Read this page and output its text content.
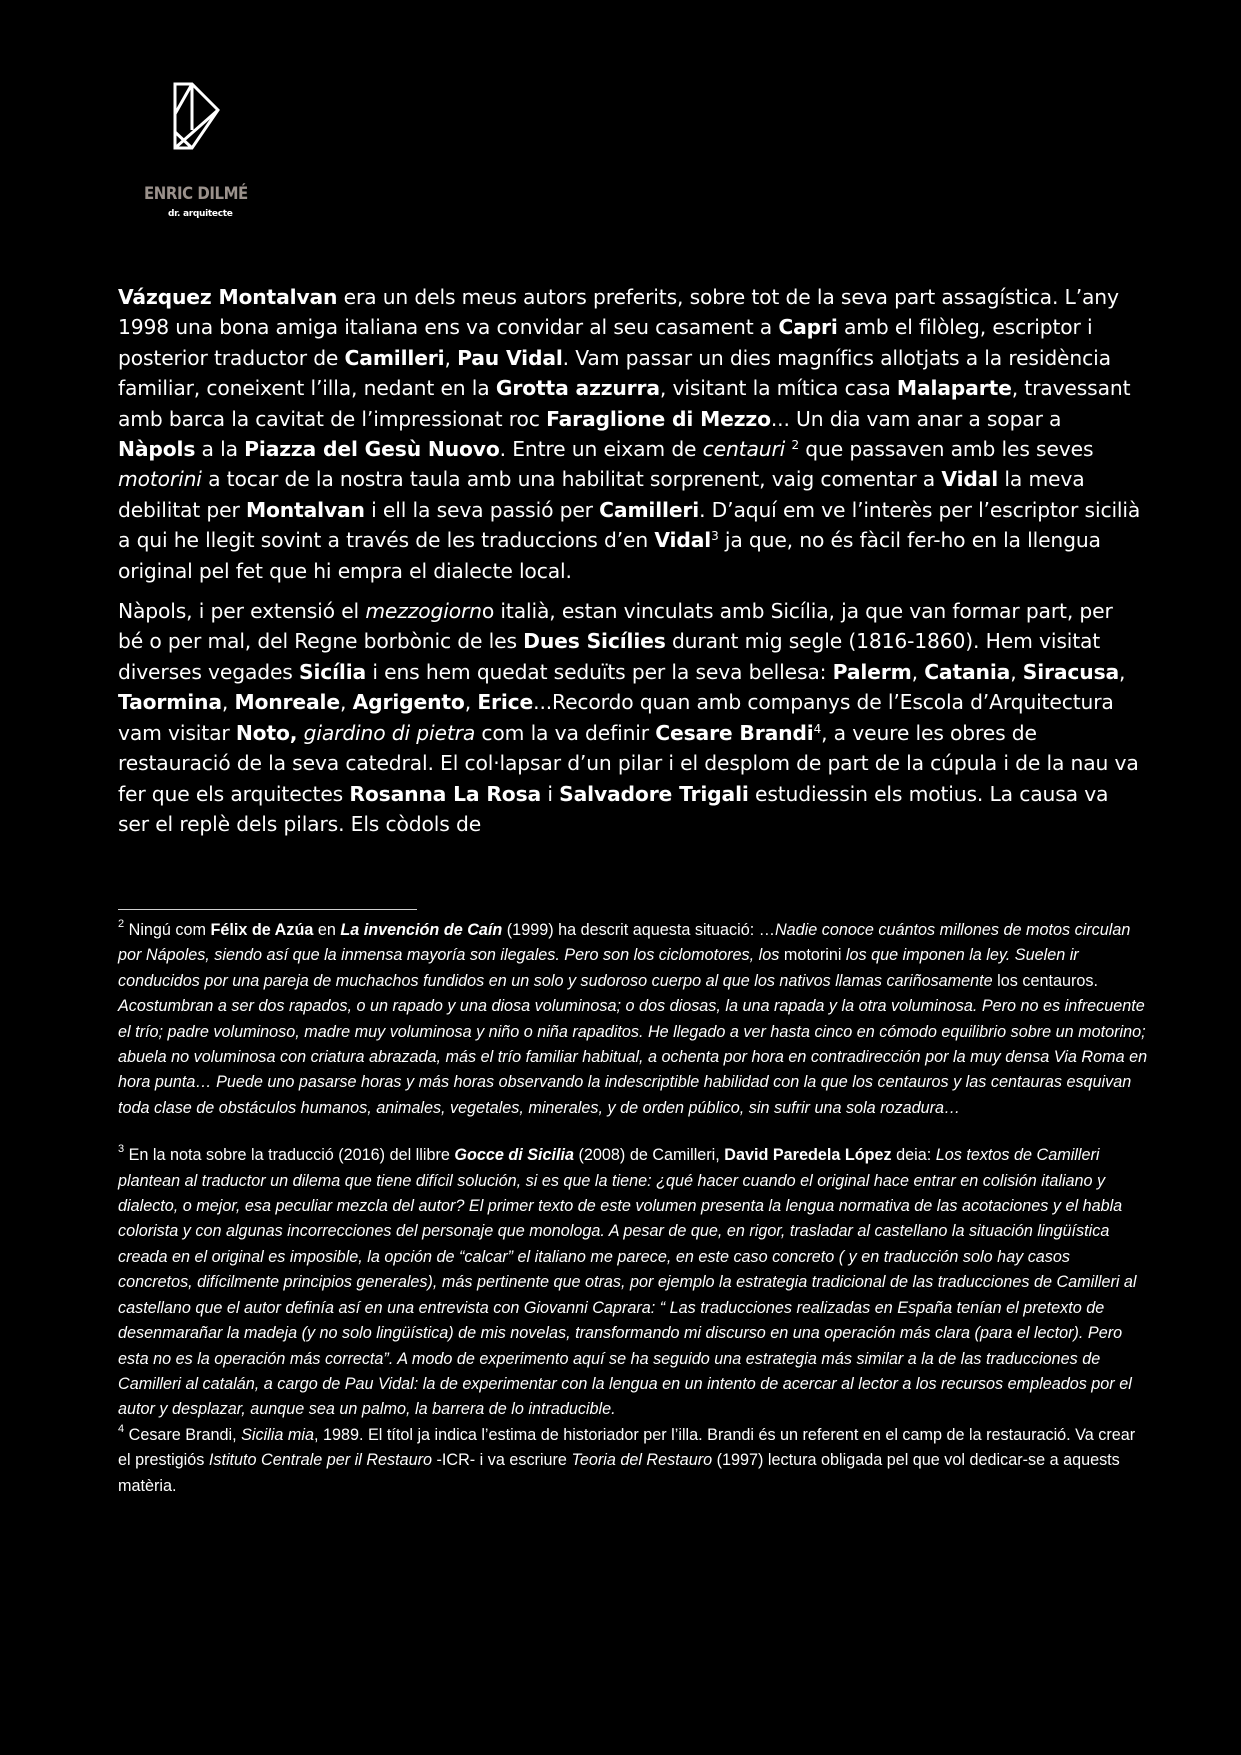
ENRIC DILMÉ
dr. arquitecte

Vázquez Montalvan era un dels meus autors preferits, sobre tot de la seva part assagística. L’any 1998 una bona amiga italiana ens va convidar al seu casament a Capri amb el filòleg, escriptor i posterior traductor de Camilleri, Pau Vidal. Vam passar un dies magnífics allotjats a la residència familiar, coneixent l’illa, nedant en la Grotta azzurra, visitant la mítica casa Malaparte, travessant amb barca la cavitat de l’impressionat roc Faraglione di Mezzo... Un dia vam anar a sopar a Nàpols a la Piazza del Gesù Nuovo. Entre un eixam de centauri $^2$ que passaven amb les seves motorini a tocar de la nostra taula amb una habilitat sorprenent, vaig comentar a Vidal la meva debilitat per Montalvan i ell la seva passió per Camilleri. D’aquí em ve l’interès per l’escriptor sicilià a qui he llegit sovint a través de les traduccions d’en Vidal$^3$ ja que, no és fàcil fer-ho en la llengua original pel fet que hi empra el dialecte local.

Nàpols, i per extensió el mezzogiorno italià, estan vinculats amb Sicília, ja que van formar part, per bé o per mal, del Regne borbònic de les Dues Sicílies durant mig segle (1816-1860). Hem visitat diverses vegades Sicília i ens hem quedat seduïts per la seva bellesa: Palerm, Catania, Siracusa, Taormina, Monreale, Agrigento, Erice...Recordo quan amb companys de l’Escola d’Arquitectura vam visitar Noto, giardino di pietra com la va definir Cesare Brandi$^4$, a veure les obres de restauració de la seva catedral. El col·lapsar d’un pilar i el desplom de part de la cúpula i de la nau va fer que els arquitectes Rosanna La Rosa i Salvadore Trigali estudiessin els motius. La causa va ser el replè dels pilars. Els còdols de

$^2$ Ningú com Félix de Azúa en La invención de Caín (1999) ha descrit aquesta situació: …Nadie conoce cuántos millones de motos circulan por Nápoles, siendo así que la inmensa mayoría son ilegales. Pero son los ciclomotores, los motorini los que imponen la ley. Suelen ir conducidos por una pareja de muchachos fundidos en un solo y sudoroso cuerpo al que los nativos llamas cariñosamente los centauros. Acostumbran a ser dos rapados, o un rapado y una diosa voluminosa; o dos diosas, la una rapada y la otra voluminosa. Pero no es infrecuente el trío; padre voluminoso, madre muy voluminosa y niño o niña rapaditos. He llegado a ver hasta cinco en cómodo equilibrio sobre un motorino; abuela no voluminosa con criatura abrazada, más el trío familiar habitual, a ochenta por hora en contradirección por la muy densa Via Roma en hora punta… Puede uno pasarse horas y más horas observando la indescriptible habilidad con la que los centauros y las centauras esquivan toda clase de obstáculos humanos, animales, vegetales, minerales, y de orden público, sin sufrir una sola rozadura…

$^3$ En la nota sobre la traducció (2016) del llibre Gocce di Sicilia (2008) de Camilleri, David Paredela López deia: Los textos de Camilleri plantean al traductor un dilema que tiene difícil solución, si es que la tiene: ¿qué hacer cuando el original hace entrar en colisión italiano y dialecto, o mejor, esa peculiar mezcla del autor? El primer texto de este volumen presenta la lengua normativa de las acotaciones y el habla colorista y con algunas incorrecciones del personaje que monologa. A pesar de que, en rigor, trasladar al castellano la situación lingüística creada en el original es imposible, la opción de “calcar” el italiano me parece, en este caso concreto ( y en traducción solo hay casos concretos, difícilmente principios generales), más pertinente que otras, por ejemplo la estrategia tradicional de las traducciones de Camilleri al castellano que el autor definía así en una entrevista con Giovanni Caprara: “ Las traducciones realizadas en España tenían el pretexto de desenmarañar la madeja (y no solo lingüística) de mis novelas, transformando mi discurso en una operación más clara (para el lector). Pero esta no es la operación más correcta”. A modo de experimento aquí se ha seguido una estrategia más similar a la de las traducciones de Camilleri al catalán, a cargo de Pau Vidal: la de experimentar con la lengua en un intento de acercar al lector a los recursos empleados por el autor y desplazar, aunque sea un palmo, la barrera de lo intraducible.

$^4$ Cesare Brandi, Sicilia mia, 1989. El títol ja indica l’estima de historiador per l’illa. Brandi és un referent en el camp de la restauració. Va crear el prestigiós Istituto Centrale per il Restauro -ICR- i va escriure Teoria del Restauro (1997) lectura obligada pel que vol dedicar-se a aquests matèria.
